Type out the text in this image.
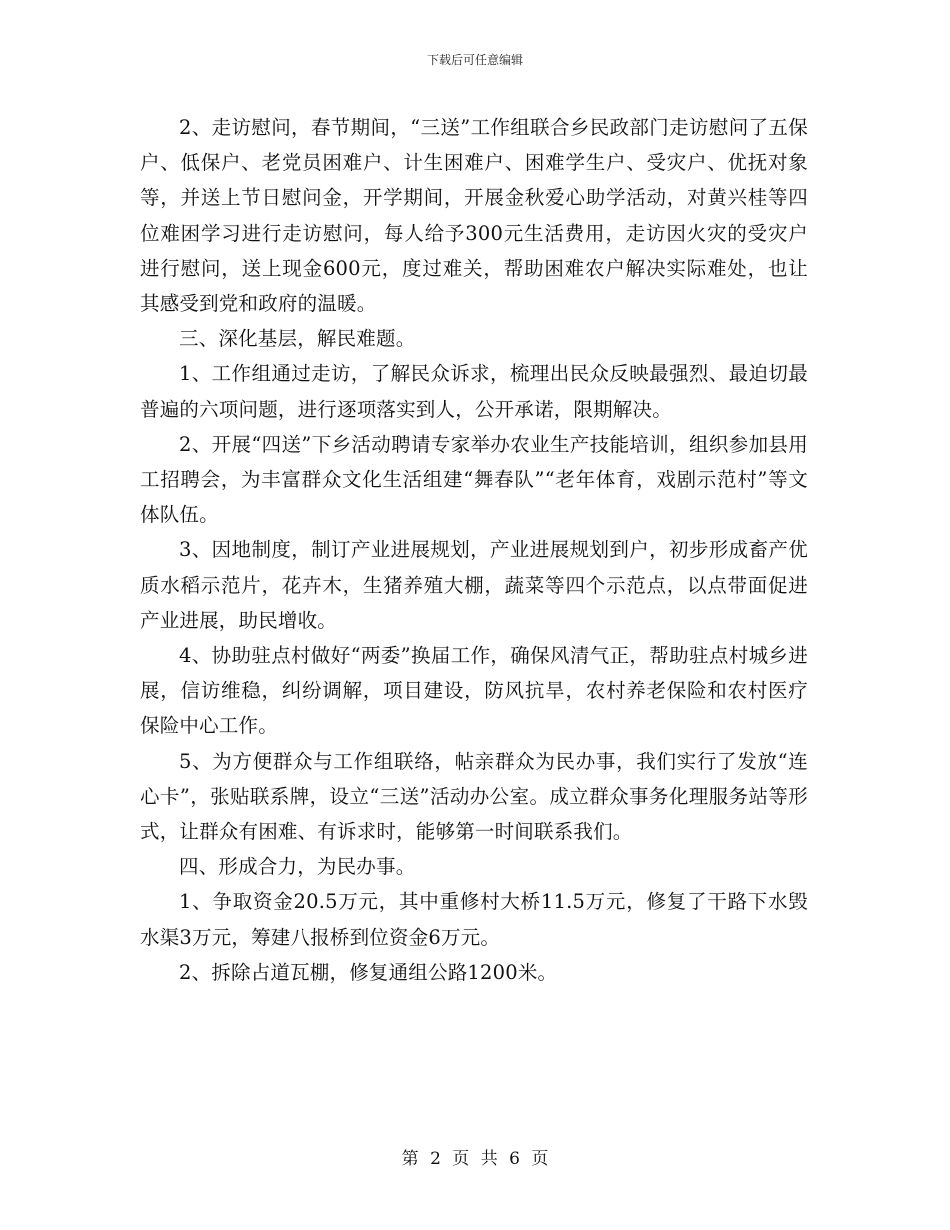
下载后可任意编辑

2、走访慰问，春节期间，“三送”工作组联合乡民政部门走访慰问了五保户、低保户、老党员困难户、计生困难户、困难学生户、受灾户、优抚对象等，并送上节日慰问金，开学期间，开展金秋爱心助学活动，对黄兴桂等四位难困学习进行走访慰问，每人给予300元生活费用，走访因火灾的受灾户进行慰问，送上现金600元，度过难关，帮助困难农户解决实际难处，也让其感受到党和政府的温暖。

三、深化基层，解民难题。

1、工作组通过走访，了解民众诉求，梳理出民众反映最强烈、最迫切最普遍的六项问题，进行逐项落实到人，公开承诺，限期解决。

2、开展“四送”下乡活动聘请专家举办农业生产技能培训，组织参加县用工招聘会，为丰富群众文化生活组建“舞春队”“老年体育，戏剧示范村”等文体队伍。

3、因地制度，制订产业进展规划，产业进展规划到户，初步形成畜产优质水稻示范片，花卉木，生猪养殖大棚，蔬菜等四个示范点，以点带面促进产业进展，助民增收。

4、协助驻点村做好“两委”换届工作，确保风清气正，帮助驻点村城乡进展，信访维稳，纠纷调解，项目建设，防风抗旱，农村养老保险和农村医疗保险中心工作。

5、为方便群众与工作组联络，帖亲群众为民办事，我们实行了发放“连心卡”，张贴联系牌，设立“三送”活动办公室。成立群众事务化理服务站等形式，让群众有困难、有诉求时，能够第一时间联系我们。

四、形成合力，为民办事。

1、争取资金20.5万元，其中重修村大桥11.5万元，修复了干路下水毁水渠3万元，筹建八报桥到位资金6万元。

2、拆除占道瓦棚，修复通组公路1200米。

第 2 页 共 6 页
